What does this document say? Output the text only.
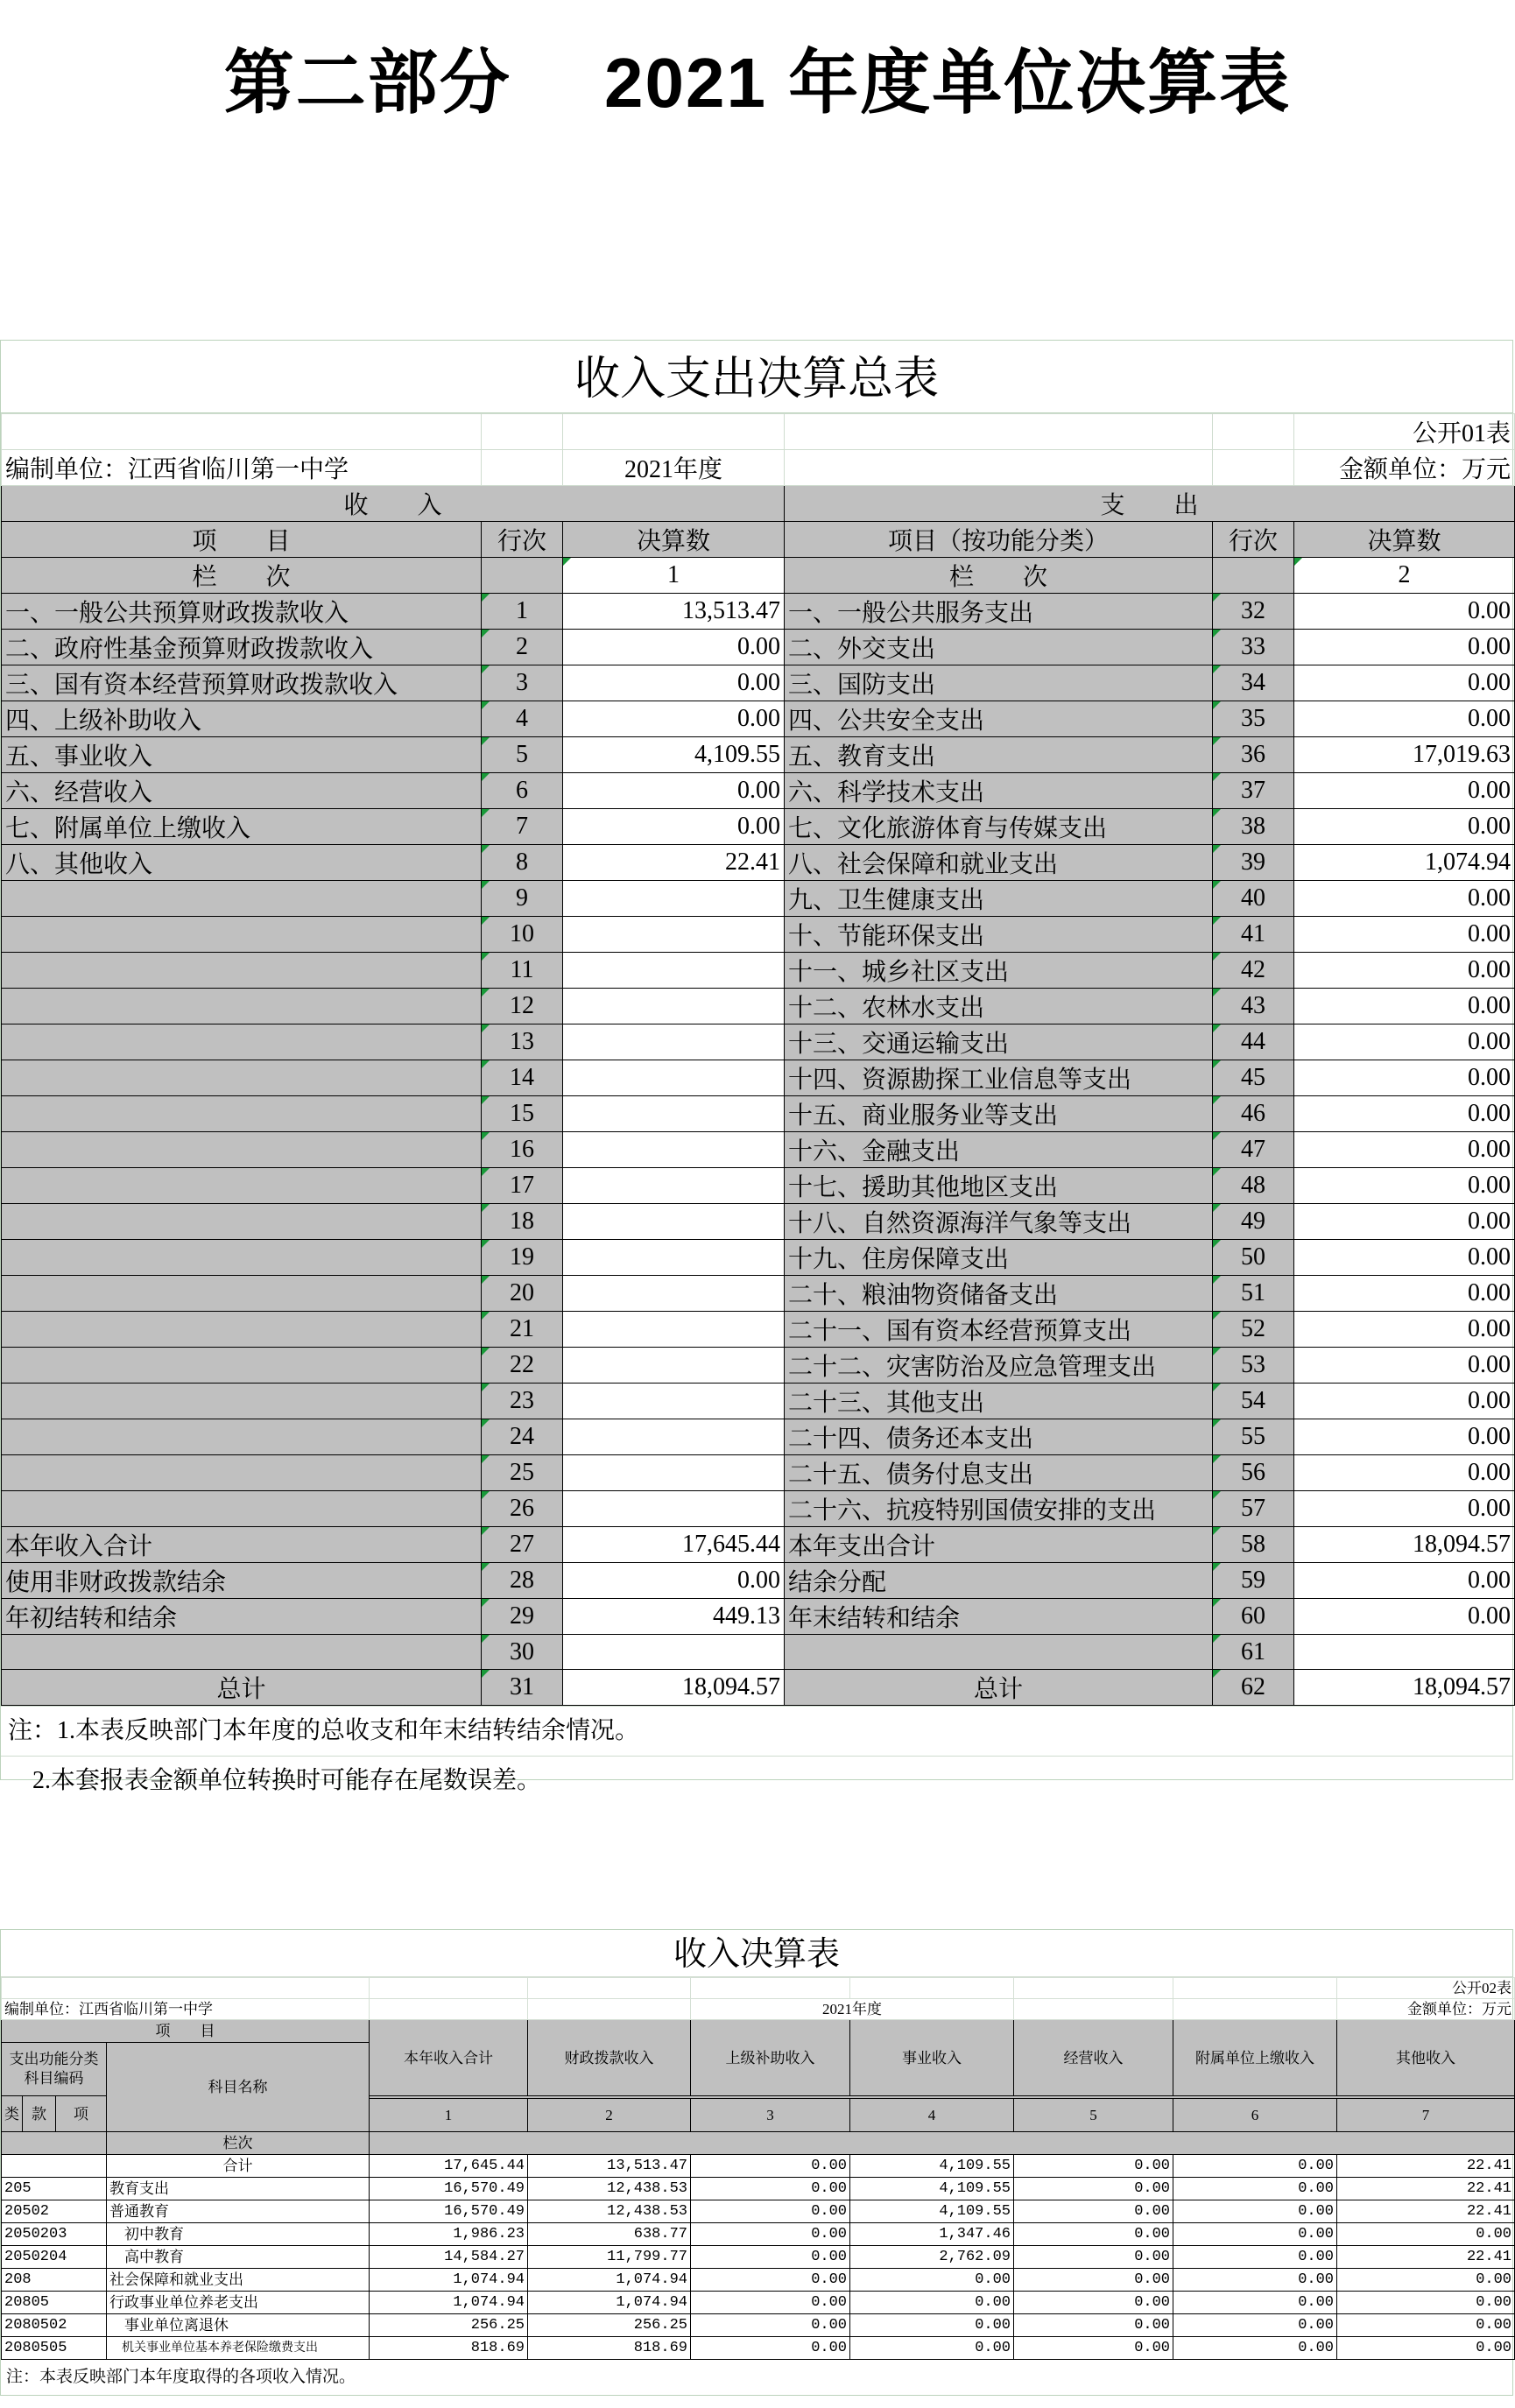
第二部分　 2021 年度单位决算表
收入支出决算总表
					公开01表
编制单位：江西省临川第一中学		2021年度			金额单位：万元
收　　入			支　　出		
项　　目	行次	决算数	项目（按功能分类）	行次	决算数
栏　　次		1	栏　　次		2
一、一般公共预算财政拨款收入	1	13,513.47	一、一般公共服务支出	32	0.00
二、政府性基金预算财政拨款收入	2	0.00	二、外交支出	33	0.00
三、国有资本经营预算财政拨款收入	3	0.00	三、国防支出	34	0.00
四、上级补助收入	4	0.00	四、公共安全支出	35	0.00
五、事业收入	5	4,109.55	五、教育支出	36	17,019.63
六、经营收入	6	0.00	六、科学技术支出	37	0.00
七、附属单位上缴收入	7	0.00	七、文化旅游体育与传媒支出	38	0.00
八、其他收入	8	22.41	八、社会保障和就业支出	39	1,074.94
	9		九、卫生健康支出	40	0.00
	10		十、节能环保支出	41	0.00
	11		十一、城乡社区支出	42	0.00
	12		十二、农林水支出	43	0.00
	13		十三、交通运输支出	44	0.00
	14		十四、资源勘探工业信息等支出	45	0.00
	15		十五、商业服务业等支出	46	0.00
	16		十六、金融支出	47	0.00
	17		十七、援助其他地区支出	48	0.00
	18		十八、自然资源海洋气象等支出	49	0.00
	19		十九、住房保障支出	50	0.00
	20		二十、粮油物资储备支出	51	0.00
	21		二十一、国有资本经营预算支出	52	0.00
	22		二十二、灾害防治及应急管理支出	53	0.00
	23		二十三、其他支出	54	0.00
	24		二十四、债务还本支出	55	0.00
	25		二十五、债务付息支出	56	0.00
	26		二十六、抗疫特别国债安排的支出	57	0.00
本年收入合计	27	17,645.44	本年支出合计	58	18,094.57
使用非财政拨款结余	28	0.00	结余分配	59	0.00
年初结转和结余	29	449.13	年末结转和结余	60	0.00
	30			61	
总计	31	18,094.57	总计	62	18,094.57
注：1.本表反映部门本年度的总收支和年末结转结余情况。
　2.本套报表金额单位转换时可能存在尾数误差。
收入决算表
										公开02表
编制单位：江西省临川第一中学						2021年度				金额单位：万元
项　　目				本年收入合计	财政拨款收入	上级补助收入	事业收入	经营收入	附属单位上缴收入	其他收入
支出功能分类科目编码			科目名称							

类	款	项								
				1	2	3	4	5	6	7
			栏次							
			合计	17,645.44	13,513.47	0.00	4,109.55	0.00	0.00	22.41
205			教育支出	16,570.49	12,438.53	0.00	4,109.55	0.00	0.00	22.41
20502			普通教育	16,570.49	12,438.53	0.00	4,109.55	0.00	0.00	22.41
2050203			　初中教育	1,986.23	638.77	0.00	1,347.46	0.00	0.00	0.00
2050204			　高中教育	14,584.27	11,799.77	0.00	2,762.09	0.00	0.00	22.41
208			社会保障和就业支出	1,074.94	1,074.94	0.00	0.00	0.00	0.00	0.00
20805			行政事业单位养老支出	1,074.94	1,074.94	0.00	0.00	0.00	0.00	0.00
2080502			　事业单位离退休	256.25	256.25	0.00	0.00	0.00	0.00	0.00
2080505			　机关事业单位基本养老保险缴费支出	818.69	818.69	0.00	0.00	0.00	0.00	0.00
注：本表反映部门本年度取得的各项收入情况。
